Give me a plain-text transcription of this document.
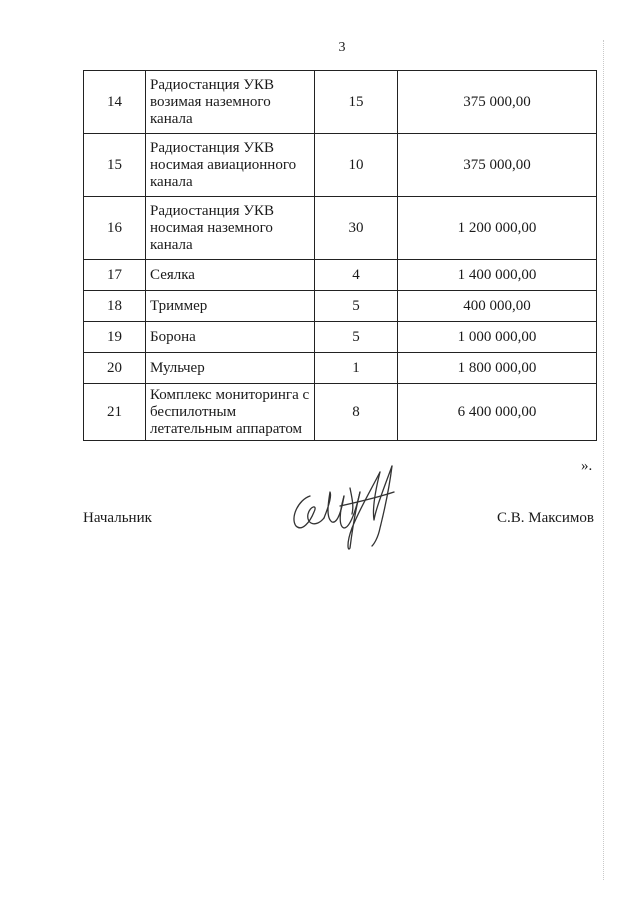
3
14	Радиостанция УКВ возимая наземного канала	15	375 000,00
15	Радиостанция УКВ носимая авиационного канала	10	375 000,00
16	Радиостанция УКВ носимая наземного канала	30	1 200 000,00
17	Сеялка	4	1 400 000,00
18	Триммер	5	400 000,00
19	Борона	5	1 000 000,00
20	Мульчер	1	1 800 000,00
21	Комплекс мониторинга с беспилотным летательным аппаратом	8	6 400 000,00
».
Начальник	С.В. Максимов
